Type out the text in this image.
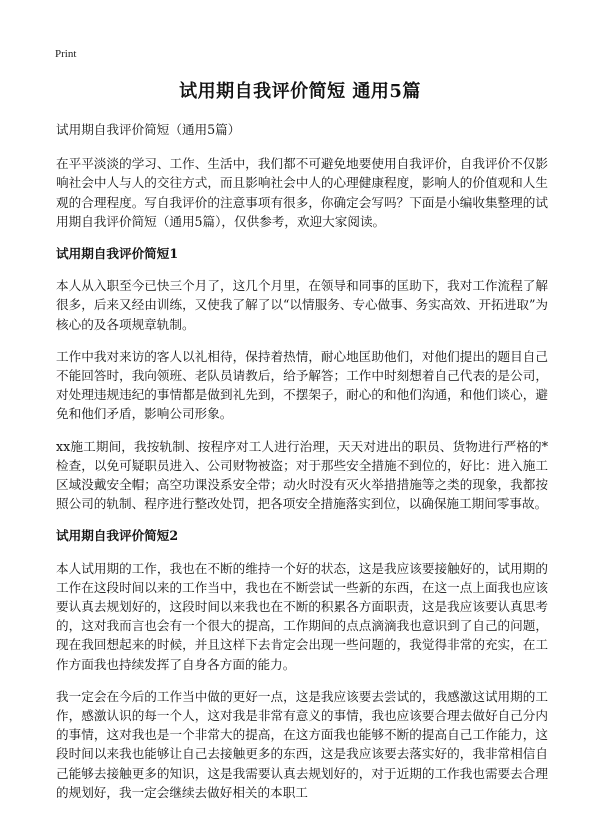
Print
试用期自我评价简短 通用5篇

试用期自我评价简短（通用5篇）

在平平淡淡的学习、工作、生活中，我们都不可避免地要使用自我评价，自我评价不仅影响社会中人与人的交往方式，而且影响社会中人的心理健康程度，影响人的价值观和人生观的合理程度。写自我评价的注意事项有很多，你确定会写吗？下面是小编收集整理的试用期自我评价简短（通用5篇），仅供参考，欢迎大家阅读。

试用期自我评价简短1

本人从入职至今已快三个月了，这几个月里，在领导和同事的匡助下，我对工作流程了解很多，后来又经由训练，又使我了解了以“以情服务、专心做事、务实高效、开拓进取”为核心的及各项规章轨制。

工作中我对来访的客人以礼相待，保持着热情，耐心地匡助他们，对他们提出的题目自己不能回答时，我向领班、老队员请教后，给予解答；工作中时刻想着自己代表的是公司，对处理违规违纪的事情都是做到礼先到，不摆架子，耐心的和他们沟通，和他们谈心，避免和他们矛盾，影响公司形象。

xx施工期间，我按轨制、按程序对工人进行治理，天天对进出的职员、货物进行严格的*检查，以免可疑职员进入、公司财物被盗；对于那些安全措施不到位的，好比：进入施工区域没戴安全帽；高空功课没系安全带；动火时没有灭火举措措施等之类的现象，我都按照公司的轨制、程序进行整改处罚，把各项安全措施落实到位，以确保施工期间零事故。

试用期自我评价简短2

本人试用期的工作，我也在不断的维持一个好的状态，这是我应该要接触好的，试用期的工作在这段时间以来的工作当中，我也在不断尝试一些新的东西，在这一点上面我也应该要认真去规划好的，这段时间以来我也在不断的积累各方面职责，这是我应该要认真思考的，这对我而言也会有一个很大的提高，工作期间的点点滴滴我也意识到了自己的问题，现在我回想起来的时候，并且这样下去肯定会出现一些问题的，我觉得非常的充实，在工作方面我也持续发挥了自身各方面的能力。

我一定会在今后的工作当中做的更好一点，这是我应该要去尝试的，我感激这试用期的工作，感激认识的每一个人，这对我是非常有意义的事情，我也应该要合理去做好自己分内的事情，这对我也是一个非常大的提高，在这方面我也能够不断的提高自己工作能力，这段时间以来我也能够让自己去接触更多的东西，这是我应该要去落实好的，我非常相信自己能够去接触更多的知识，这是我需要认真去规划好的，对于近期的工作我也需要去合理的规划好，我一定会继续去做好相关的本职工
